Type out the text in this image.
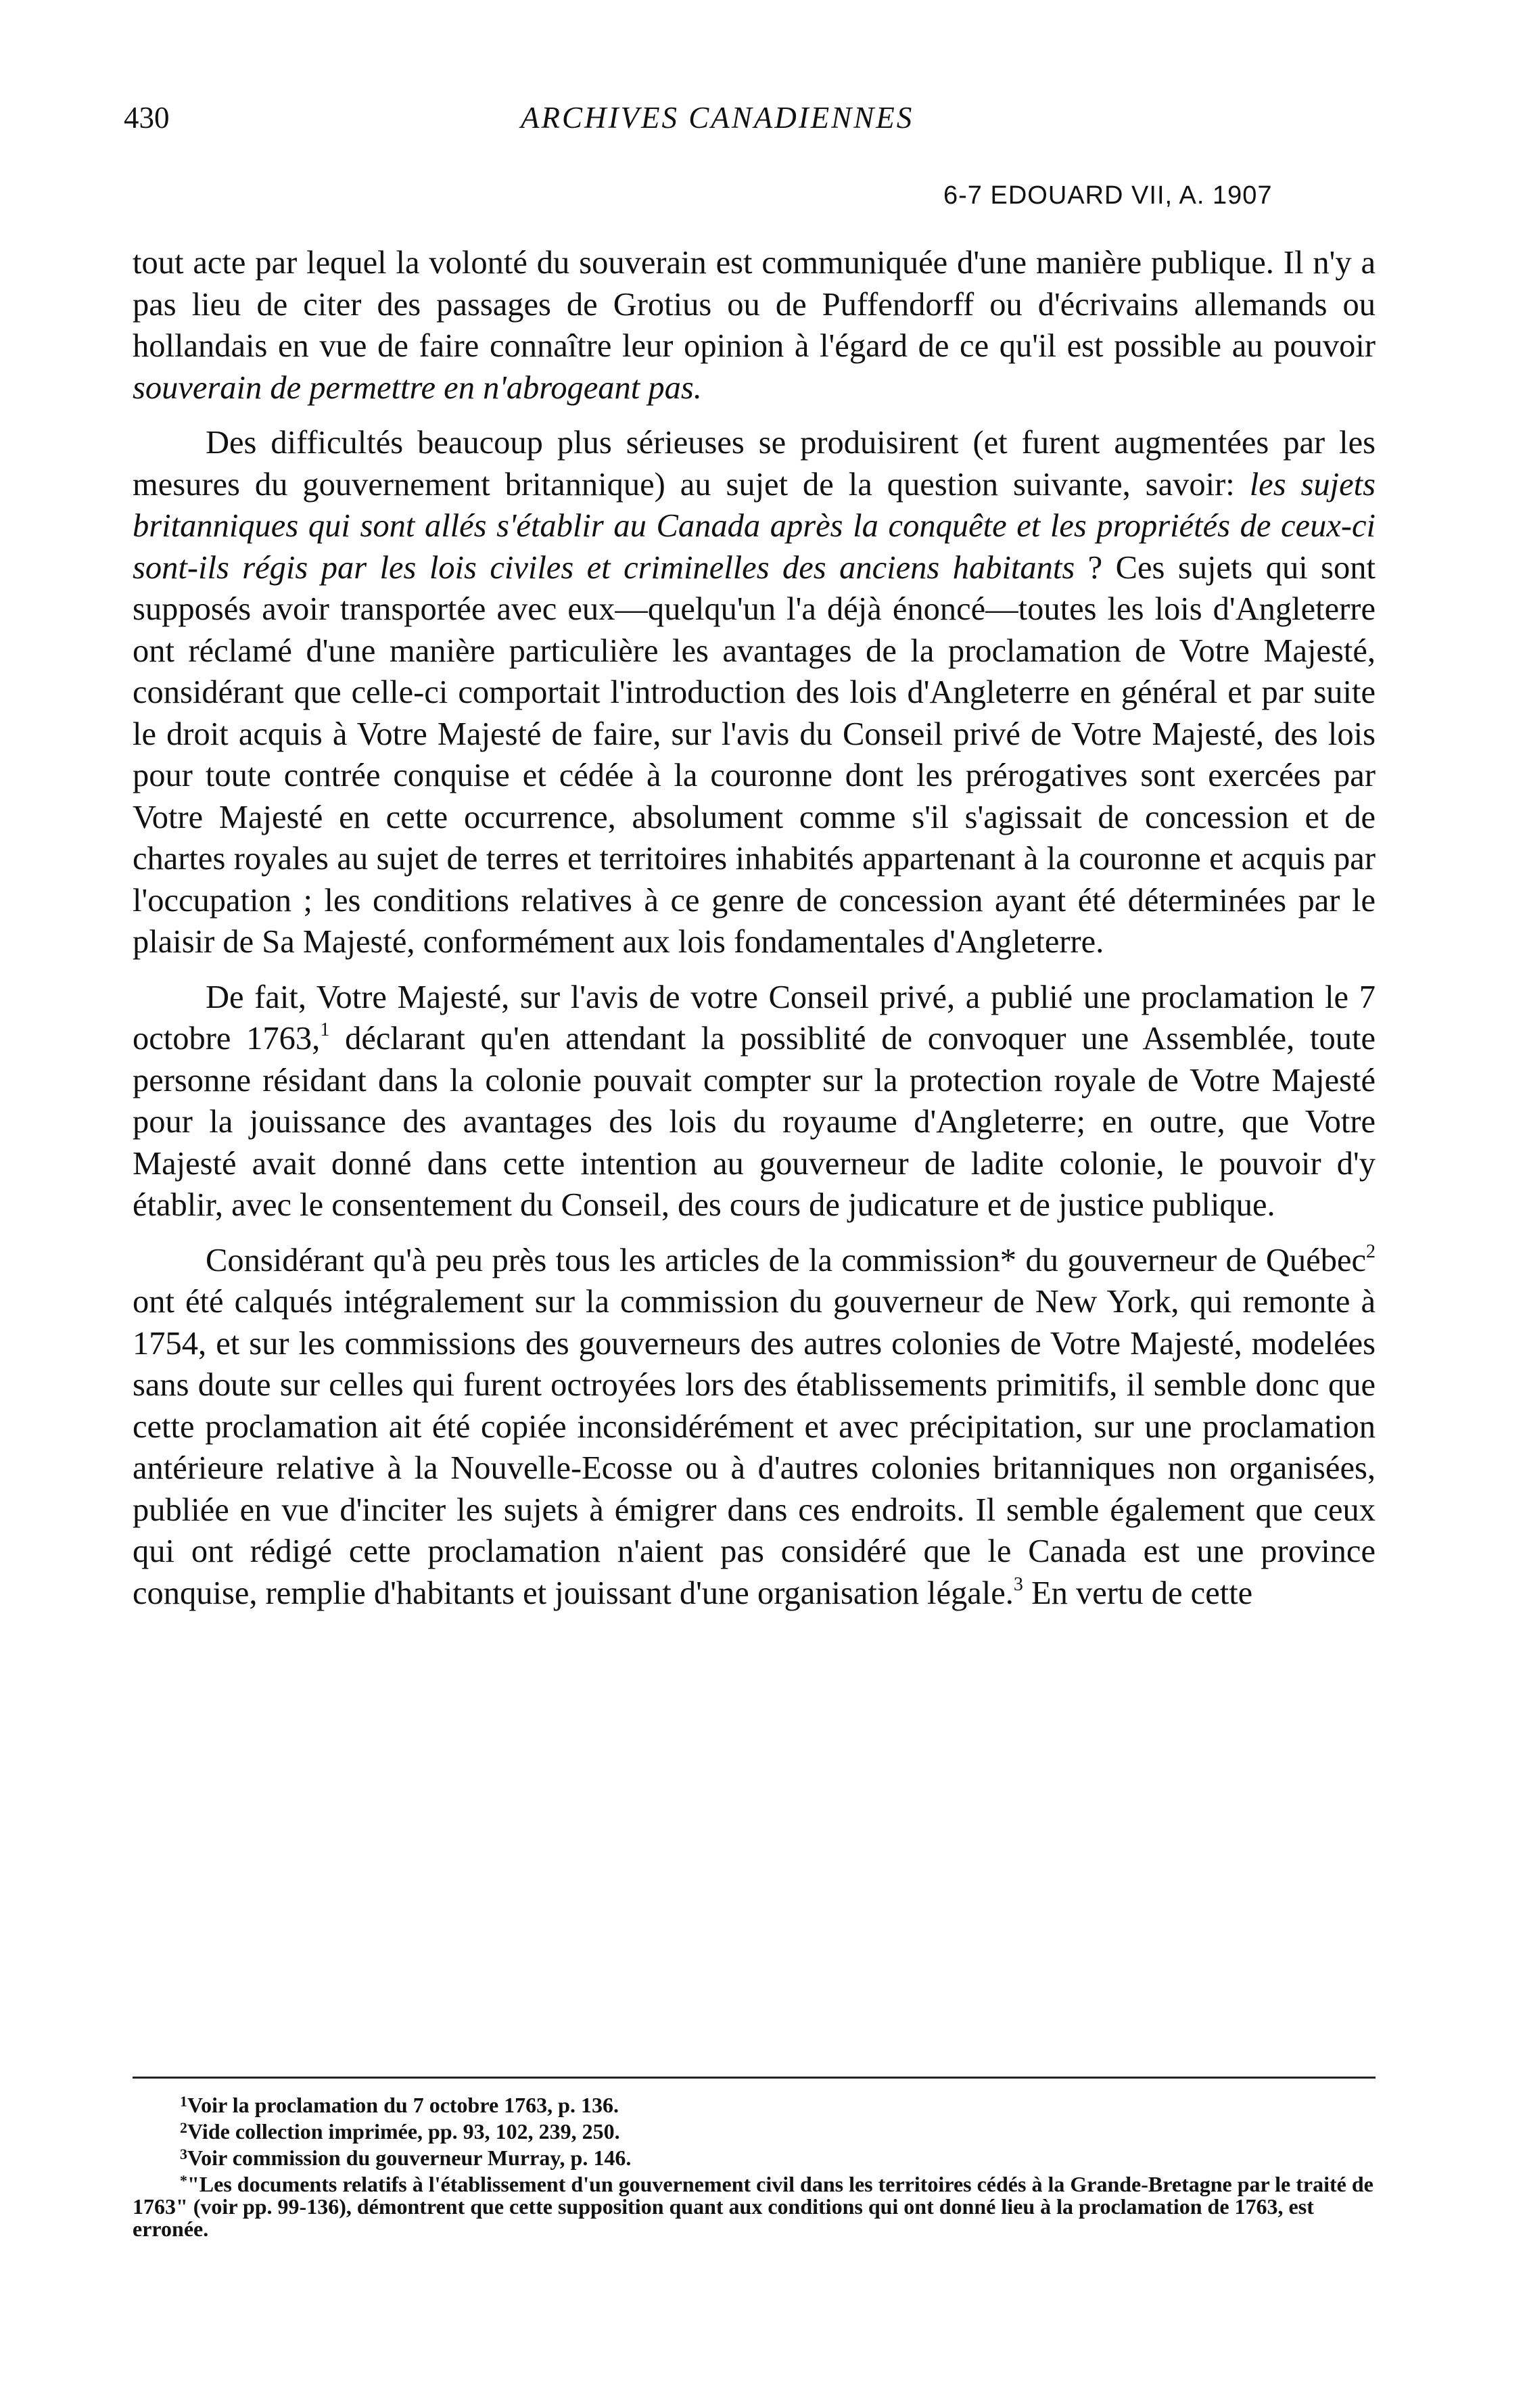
430	ARCHIVES CANADIENNES
6-7 EDOUARD VII, A. 1907

tout acte par lequel la volonté du souverain est communiquée d'une manière publique. Il n'y a pas lieu de citer des passages de Grotius ou de Puffendorff ou d'écrivains allemands ou hollandais en vue de faire connaître leur opinion à l'égard de ce qu'il est possible au pouvoir souverain de permettre en n'abrogeant pas.

Des difficultés beaucoup plus sérieuses se produisirent (et furent augmentées par les mesures du gouvernement britannique) au sujet de la question suivante, savoir: les sujets britanniques qui sont allés s'établir au Canada après la conquête et les propriétés de ceux-ci sont-ils régis par les lois civiles et criminelles des anciens habitants ? Ces sujets qui sont supposés avoir transportée avec eux—quelqu'un l'a déjà énoncé—toutes les lois d'Angleterre ont réclamé d'une manière particulière les avantages de la proclamation de Votre Majesté, considérant que celle-ci comportait l'introduction des lois d'Angleterre en général et par suite le droit acquis à Votre Majesté de faire, sur l'avis du Conseil privé de Votre Majesté, des lois pour toute contrée conquise et cédée à la couronne dont les prérogatives sont exercées par Votre Majesté en cette occurrence, absolument comme s'il s'agissait de concession et de chartes royales au sujet de terres et territoires inhabités appartenant à la couronne et acquis par l'occupation ; les conditions relatives à ce genre de concession ayant été déterminées par le plaisir de Sa Majesté, conformément aux lois fondamentales d'Angleterre.

De fait, Votre Majesté, sur l'avis de votre Conseil privé, a publié une proclamation le 7 octobre 1763,$^1$ déclarant qu'en attendant la possiblité de convoquer une Assemblée, toute personne résidant dans la colonie pouvait compter sur la protection royale de Votre Majesté pour la jouissance des avantages des lois du royaume d'Angleterre; en outre, que Votre Majesté avait donné dans cette intention au gouverneur de ladite colonie, le pouvoir d'y établir, avec le consentement du Conseil, des cours de judicature et de justice publique.

Considérant qu'à peu près tous les articles de la commission* du gouverneur de Québec$^2$ ont été calqués intégralement sur la commission du gouverneur de New York, qui remonte à 1754, et sur les commissions des gouverneurs des autres colonies de Votre Majesté, modelées sans doute sur celles qui furent octroyées lors des établissements primitifs, il semble donc que cette proclamation ait été copiée inconsidérément et avec précipitation, sur une proclamation antérieure relative à la Nouvelle-Ecosse ou à d'autres colonies britanniques non organisées, publiée en vue d'inciter les sujets à émigrer dans ces endroits. Il semble également que ceux qui ont rédigé cette proclamation n'aient pas considéré que le Canada est une province conquise, remplie d'habitants et jouissant d'une organisation légale.$^3$ En vertu de cette

$^1$Voir la proclamation du 7 octobre 1763, p. 136.

$^2$Vide collection imprimée, pp. 93, 102, 239, 250.

$^3$Voir commission du gouverneur Murray, p. 146.

*"Les documents relatifs à l'établissement d'un gouvernement civil dans les territoires cédés à la Grande-Bretagne par le traité de 1763" (voir pp. 99-136), démontrent que cette supposition quant aux conditions qui ont donné lieu à la proclamation de 1763, est erronée.
